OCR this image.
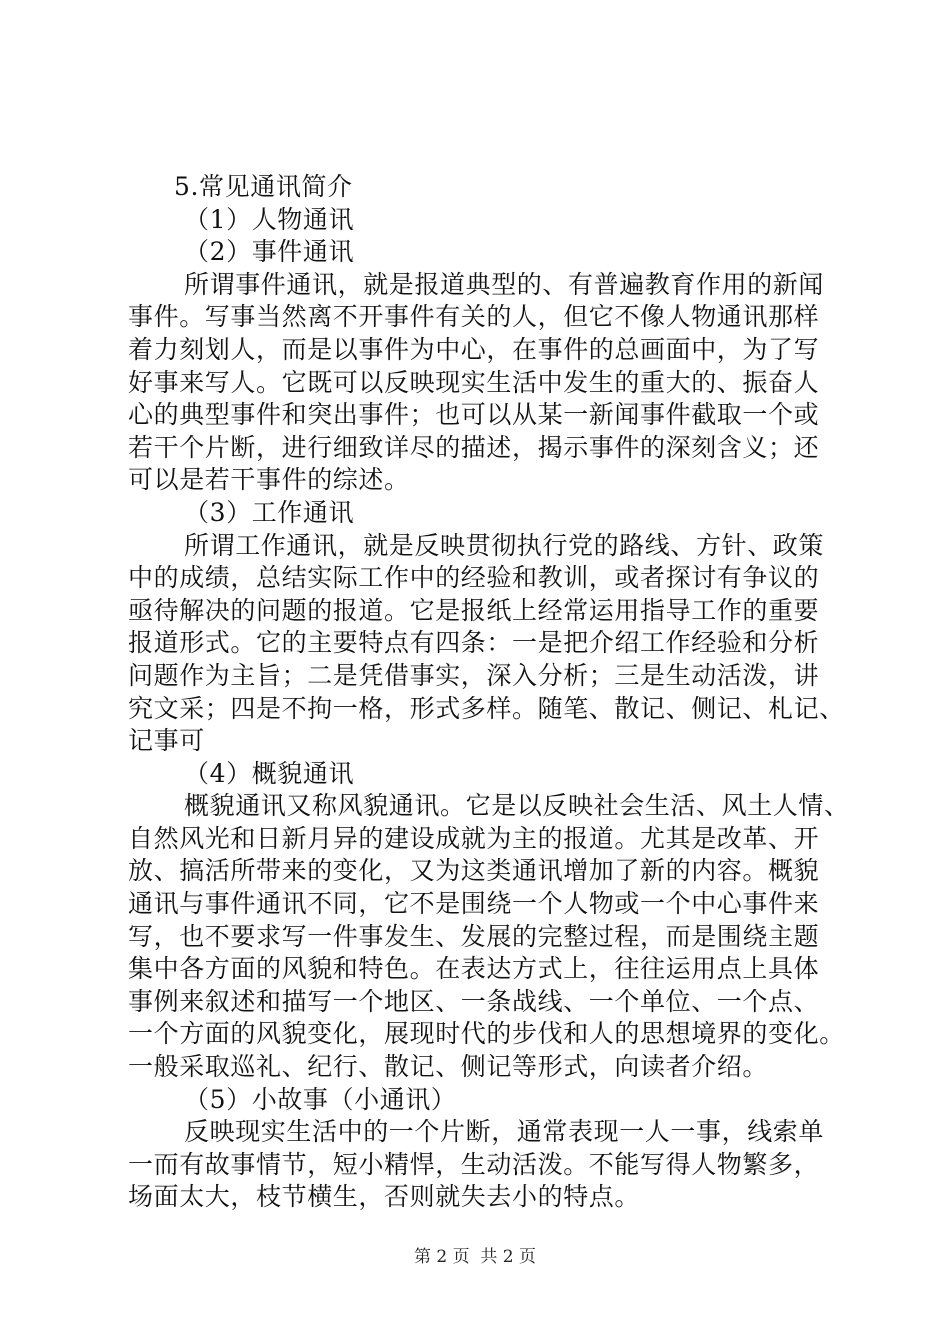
5.常见通讯简介
（1）人物通讯
（2）事件通讯
所谓事件通讯，就是报道典型的、有普遍教育作用的新闻
事件。写事当然离不开事件有关的人，但它不像人物通讯那样
着力刻划人，而是以事件为中心，在事件的总画面中，为了写
好事来写人。它既可以反映现实生活中发生的重大的、振奋人
心的典型事件和突出事件；也可以从某一新闻事件截取一个或
若干个片断，进行细致详尽的描述，揭示事件的深刻含义；还
可以是若干事件的综述。
（3）工作通讯
所谓工作通讯，就是反映贯彻执行党的路线、方针、政策
中的成绩，总结实际工作中的经验和教训，或者探讨有争议的
亟待解决的问题的报道。它是报纸上经常运用指导工作的重要
报道形式。它的主要特点有四条：一是把介绍工作经验和分析
问题作为主旨；二是凭借事实，深入分析；三是生动活泼，讲
究文采；四是不拘一格，形式多样。随笔、散记、侧记、札记、
记事可
（4）概貌通讯
概貌通讯又称风貌通讯。它是以反映社会生活、风土人情、
自然风光和日新月异的建设成就为主的报道。尤其是改革、开
放、搞活所带来的变化，又为这类通讯增加了新的内容。概貌
通讯与事件通讯不同，它不是围绕一个人物或一个中心事件来
写，也不要求写一件事发生、发展的完整过程，而是围绕主题
集中各方面的风貌和特色。在表达方式上，往往运用点上具体
事例来叙述和描写一个地区、一条战线、一个单位、一个点、
一个方面的风貌变化，展现时代的步伐和人的思想境界的变化。
一般采取巡礼、纪行、散记、侧记等形式，向读者介绍。
（5）小故事（小通讯）
反映现实生活中的一个片断，通常表现一人一事，线索单
一而有故事情节，短小精悍，生动活泼。不能写得人物繁多，
场面太大，枝节横生，否则就失去小的特点。
第 2 页  共 2 页
